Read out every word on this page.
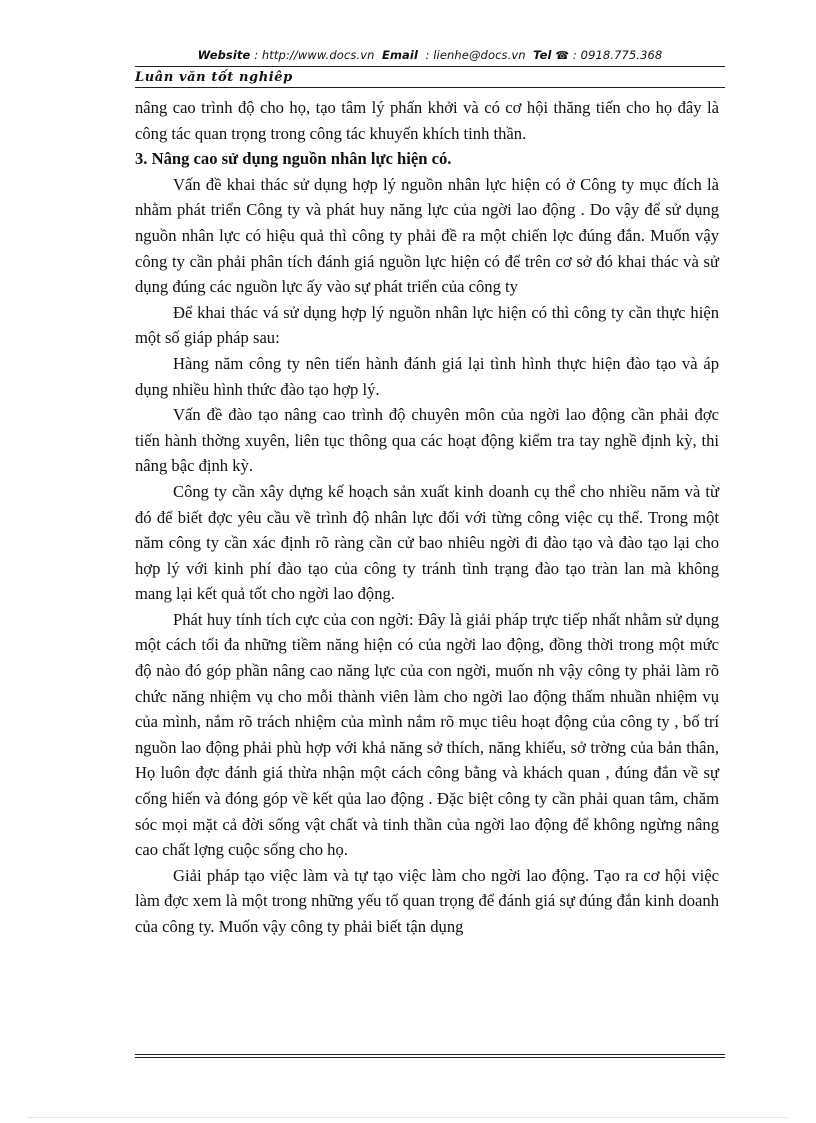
Website : http://www.docs.vn Email : lienhe@docs.vn Tel ☎ : 0918.775.368
Luân văn tốt nghiêp

nâng cao trình độ cho họ, tạo tâm lý phấn khởi và có cơ hội thăng tiến cho họ đây là công tác quan trọng trong công tác khuyến khích tinh thần.

3. Nâng cao sử dụng nguồn nhân lực hiện có.

Vấn đề khai thác sử dụng hợp lý nguồn nhân lực hiện có ở Công ty mục đích là nhằm phát triển Công ty và phát huy năng lực của ngời lao động . Do vậy để sử dụng nguồn nhân lực có hiệu quả thì công ty phải đề ra một chiến lợc đúng đắn. Muốn vậy công ty cần phải phân tích đánh giá nguồn lực hiện có để trên cơ sở đó khai thác và sử dụng đúng các nguồn lực ấy vào sự phát triển của công ty

Để khai thác vá sử dụng hợp lý nguồn nhân lực hiện có thì công ty cần thực hiện một số giáp pháp sau:

Hàng năm công ty nên tiến hành đánh giá lại tình hình thực hiện đào tạo và áp dụng nhiều hình thức đào tạo hợp lý.

Vấn đề đào tạo nâng cao trình độ chuyên môn của ngời lao động cần phải đợc tiến hành thờng xuyên, liên tục thông qua các hoạt động kiểm tra tay nghề định kỳ, thi nâng bậc định kỳ.

Công ty cần xây dựng kế hoạch sản xuất kinh doanh cụ thể cho nhiều năm và từ đó để biết đợc yêu cầu về trình độ nhân lực đối với từng công việc cụ thể. Trong một năm công ty cần xác định rõ ràng cần cử bao nhiêu ngời đi đào tạo và đào tạo lại cho hợp lý với kinh phí đào tạo của công ty tránh tình trạng đào tạo tràn lan mà không mang lại kết quả tốt cho ngời lao động.

Phát huy tính tích cực của con ngời: Đây là giải pháp trực tiếp nhất nhằm sử dụng một cách tối đa những tiềm năng hiện có của ngời lao động, đồng thời trong một mức độ nào đó góp phần nâng cao năng lực của con ngời, muốn nh vậy công ty phải làm rõ chức năng nhiệm vụ cho mỗi thành viên làm cho ngời lao động thấm nhuần nhiệm vụ của mình, nắm rõ trách nhiệm của mình nắm rõ mục tiêu hoạt động của công ty , bố trí nguồn lao động phải phù hợp với khả năng sở thích, năng khiếu, sở trờng của bản thân, Họ luôn đợc đánh giá thừa nhận một cách công bằng và khách quan , đúng đắn về sự cống hiến và đóng góp về kết qủa lao động . Đặc biệt công ty cần phải quan tâm, chăm sóc mọi mặt cả đời sống vật chất và tinh thần của ngời lao động để không ngừng nâng cao chất lợng cuộc sống cho họ.

Giải pháp tạo việc làm và tự tạo việc làm cho ngời lao động. Tạo ra cơ hội việc làm đợc xem là một trong những yếu tố quan trọng để đánh giá sự đúng đắn kinh doanh của công ty. Muốn vậy công ty phải biết tận dụng
